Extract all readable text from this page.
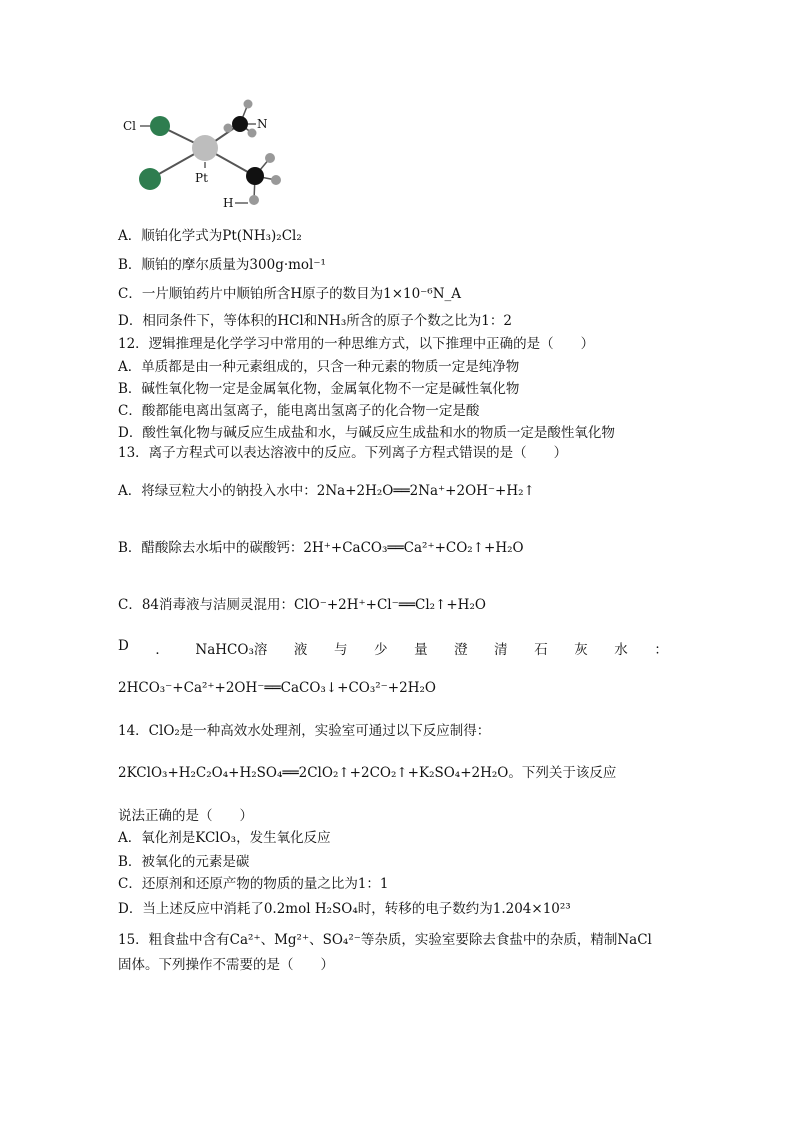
Cl	N
Pt
H
A．顺铂化学式为Pt(NH₃)₂Cl₂
B．顺铂的摩尔质量为300g·mol⁻¹
C．一片顺铂药片中顺铂所含H原子的数目为1×10⁻⁶N_A
D．相同条件下，等体积的HCl和NH₃所含的原子个数之比为1：2
12．逻辑推理是化学学习中常用的一种思维方式，以下推理中正确的是（　　）
A．单质都是由一种元素组成的，只含一种元素的物质一定是纯净物
B．碱性氧化物一定是金属氧化物，金属氧化物不一定是碱性氧化物
C．酸都能电离出氢离子，能电离出氢离子的化合物一定是酸
D．酸性氧化物与碱反应生成盐和水，与碱反应生成盐和水的物质一定是酸性氧化物
13．离子方程式可以表达溶液中的反应。下列离子方程式错误的是（　　）
A．将绿豆粒大小的钠投入水中：2Na+2H₂O══2Na⁺+2OH⁻+H₂↑
B．醋酸除去水垢中的碳酸钙：2H⁺+CaCO₃══Ca²⁺+CO₂↑+H₂O
C．84消毒液与洁厕灵混用：ClO⁻+2H⁺+Cl⁻══Cl₂↑+H₂O
D ． NaHCO₃溶 液 与 少 量 澄 清 石 灰 水 ：
2HCO₃⁻+Ca²⁺+2OH⁻══CaCO₃↓+CO₃²⁻+2H₂O
14．ClO₂是一种高效水处理剂，实验室可通过以下反应制得：
2KClO₃+H₂C₂O₄+H₂SO₄══2ClO₂↑+2CO₂↑+K₂SO₄+2H₂O。下列关于该反应
说法正确的是（　　）
A．氧化剂是KClO₃，发生氧化反应
B．被氧化的元素是碳
C．还原剂和还原产物的物质的量之比为1：1
D．当上述反应中消耗了0.2mol H₂SO₄时，转移的电子数约为1.204×10²³
15．粗食盐中含有Ca²⁺、Mg²⁺、SO₄²⁻等杂质，实验室要除去食盐中的杂质，精制NaCl
固体。下列操作不需要的是（　　）
